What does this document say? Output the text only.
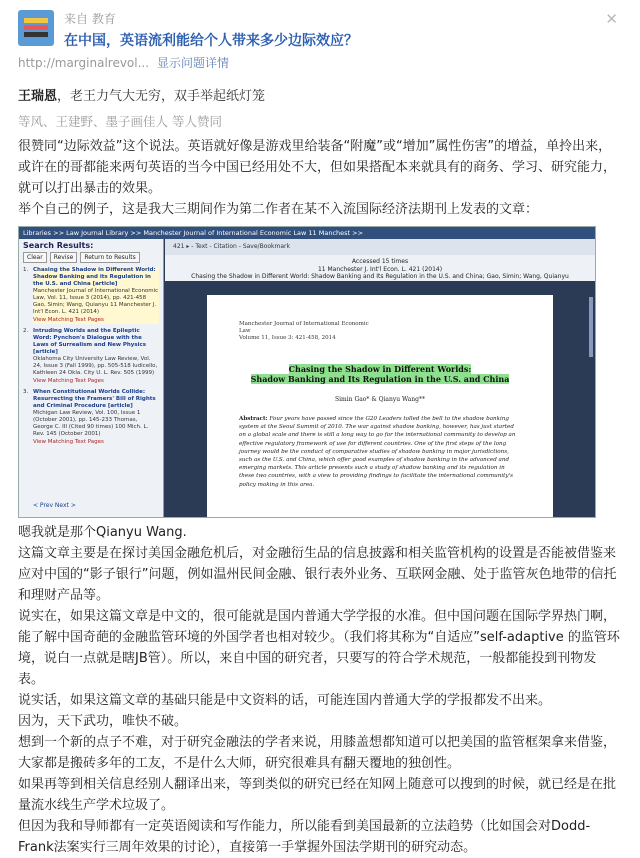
✕
来自 教育
在中国，英语流利能给个人带来多少边际效应？
http://marginalrevol... 显示问题详情
王瑞恩，老王力气大无穷，双手举起纸灯笼
等风、王建野、墨子画佳人 等人赞同
很赞同“边际效益”这个说法。英语就好像是游戏里给装备“附魔”或“增加”属性伤害”的增益，单拎出来，或许在的哥都能来两句英语的当今中国已经用处不大，但如果搭配本来就具有的商务、学习、研究能力，就可以打出暴击的效果。
举个自己的例子，这是我大三期间作为第二作者在某不入流国际经济法期刊上发表的文章：
Libraries >> Law Journal Library >> Manchester Journal of International Economic Law 11 Manchest >>
Search Results:
Clear	Revise	Return to Results
1. Chasing the Shadow in Different World: Shadow Banking and its Regulation in the U.S. and China [article]
Manchester Journal of International Economic Law, Vol. 11, Issue 3 (2014), pp. 421-458 Gao, Simin; Wang, Quianyu 11 Manchester J. Int'l Econ. L. 421 (2014)
View Matching Text Pages
2. Intruding Worlds and the Epileptic Word: Pynchon's Dialogue with the Laws of Surrealism and New Physics [article]
Oklahoma City University Law Review, Vol. 24, Issue 3 (Fall 1999), pp. 505-518 Iudicello, Kathleen 24 Okla. City U. L. Rev. 505 (1999)
View Matching Text Pages
3. When Constitutional Worlds Collide: Resurrecting the Framers' Bill of Rights and Criminal Procedure [article]
Michigan Law Review, Vol. 100, Issue 1 (October 2001), pp. 145-233 Thomas, George C. III (Cited 90 times) 100 Mich. L. Rev. 145 (October 2001)
View Matching Text Pages
< Prev Next >
421 ▸ - Text - Citation - Save/Bookmark
Accessed 15 times
11 Manchester J. Int'l Econ. L. 421 (2014)
Chasing the Shadow in Different World: Shadow Banking and Its Regulation in the U.S. and China; Gao, Simin; Wang, Quianyu
Manchester Journal of International Economic Law
Volume 11, Issue 3: 421-458, 2014
Chasing the Shadow in Different Worlds:
Shadow Banking and Its Regulation in the U.S. and China
Simin Gao* & Qianyu Wang**
Abstract: Four years have passed since the G20 Leaders tolled the bell to the shadow banking system at the Seoul Summit of 2010. The war against shadow banking, however, has just started on a global scale and there is still a long way to go for the international community to develop an effective regulatory framework of use for different countries. One of the first steps of the long journey would be the conduct of comparative studies of shadow banking in major jurisdictions, such as the U.S. and China, which offer good examples of shadow banking in the advanced and emerging markets. This article presents such a study of shadow banking and its regulation in these two countries, with a view to providing findings to facilitate the international community's policy making in this area.
嗯我就是那个Qianyu Wang.
这篇文章主要是在探讨美国金融危机后，对金融衍生品的信息披露和相关监管机构的设置是否能被借鉴来应对中国的“影子银行”问题，例如温州民间金融、银行表外业务、互联网金融、处于监管灰色地带的信托和理财产品等。
说实在，如果这篇文章是中文的，很可能就是国内普通大学学报的水准。但中国问题在国际学界热门啊，能了解中国奇葩的金融监管环境的外国学者也相对较少。（我们将其称为“自适应”self-adaptive 的监管环境，说白一点就是瞎JB管）。所以，来自中国的研究者，只要写的符合学术规范，一般都能投到刊物发表。
说实话，如果这篇文章的基础只能是中文资料的话，可能连国内普通大学的学报都发不出来。
因为，天下武功，唯快不破。
想到一个新的点子不难，对于研究金融法的学者来说，用膝盖想都知道可以把美国的监管框架拿来借鉴，大家都是搬砖多年的工友，不是什么大师，研究很难具有翻天覆地的独创性。
如果再等到相关信息经别人翻译出来，等到类似的研究已经在知网上随意可以搜到的时候，就已经是在批量流水线生产学术垃圾了。
但因为我和导师都有一定英语阅读和写作能力，所以能看到美国最新的立法趋势（比如国会对Dodd-Frank法案实行三周年效果的讨论），直接第一手掌握外国法学期刊的研究动态。
